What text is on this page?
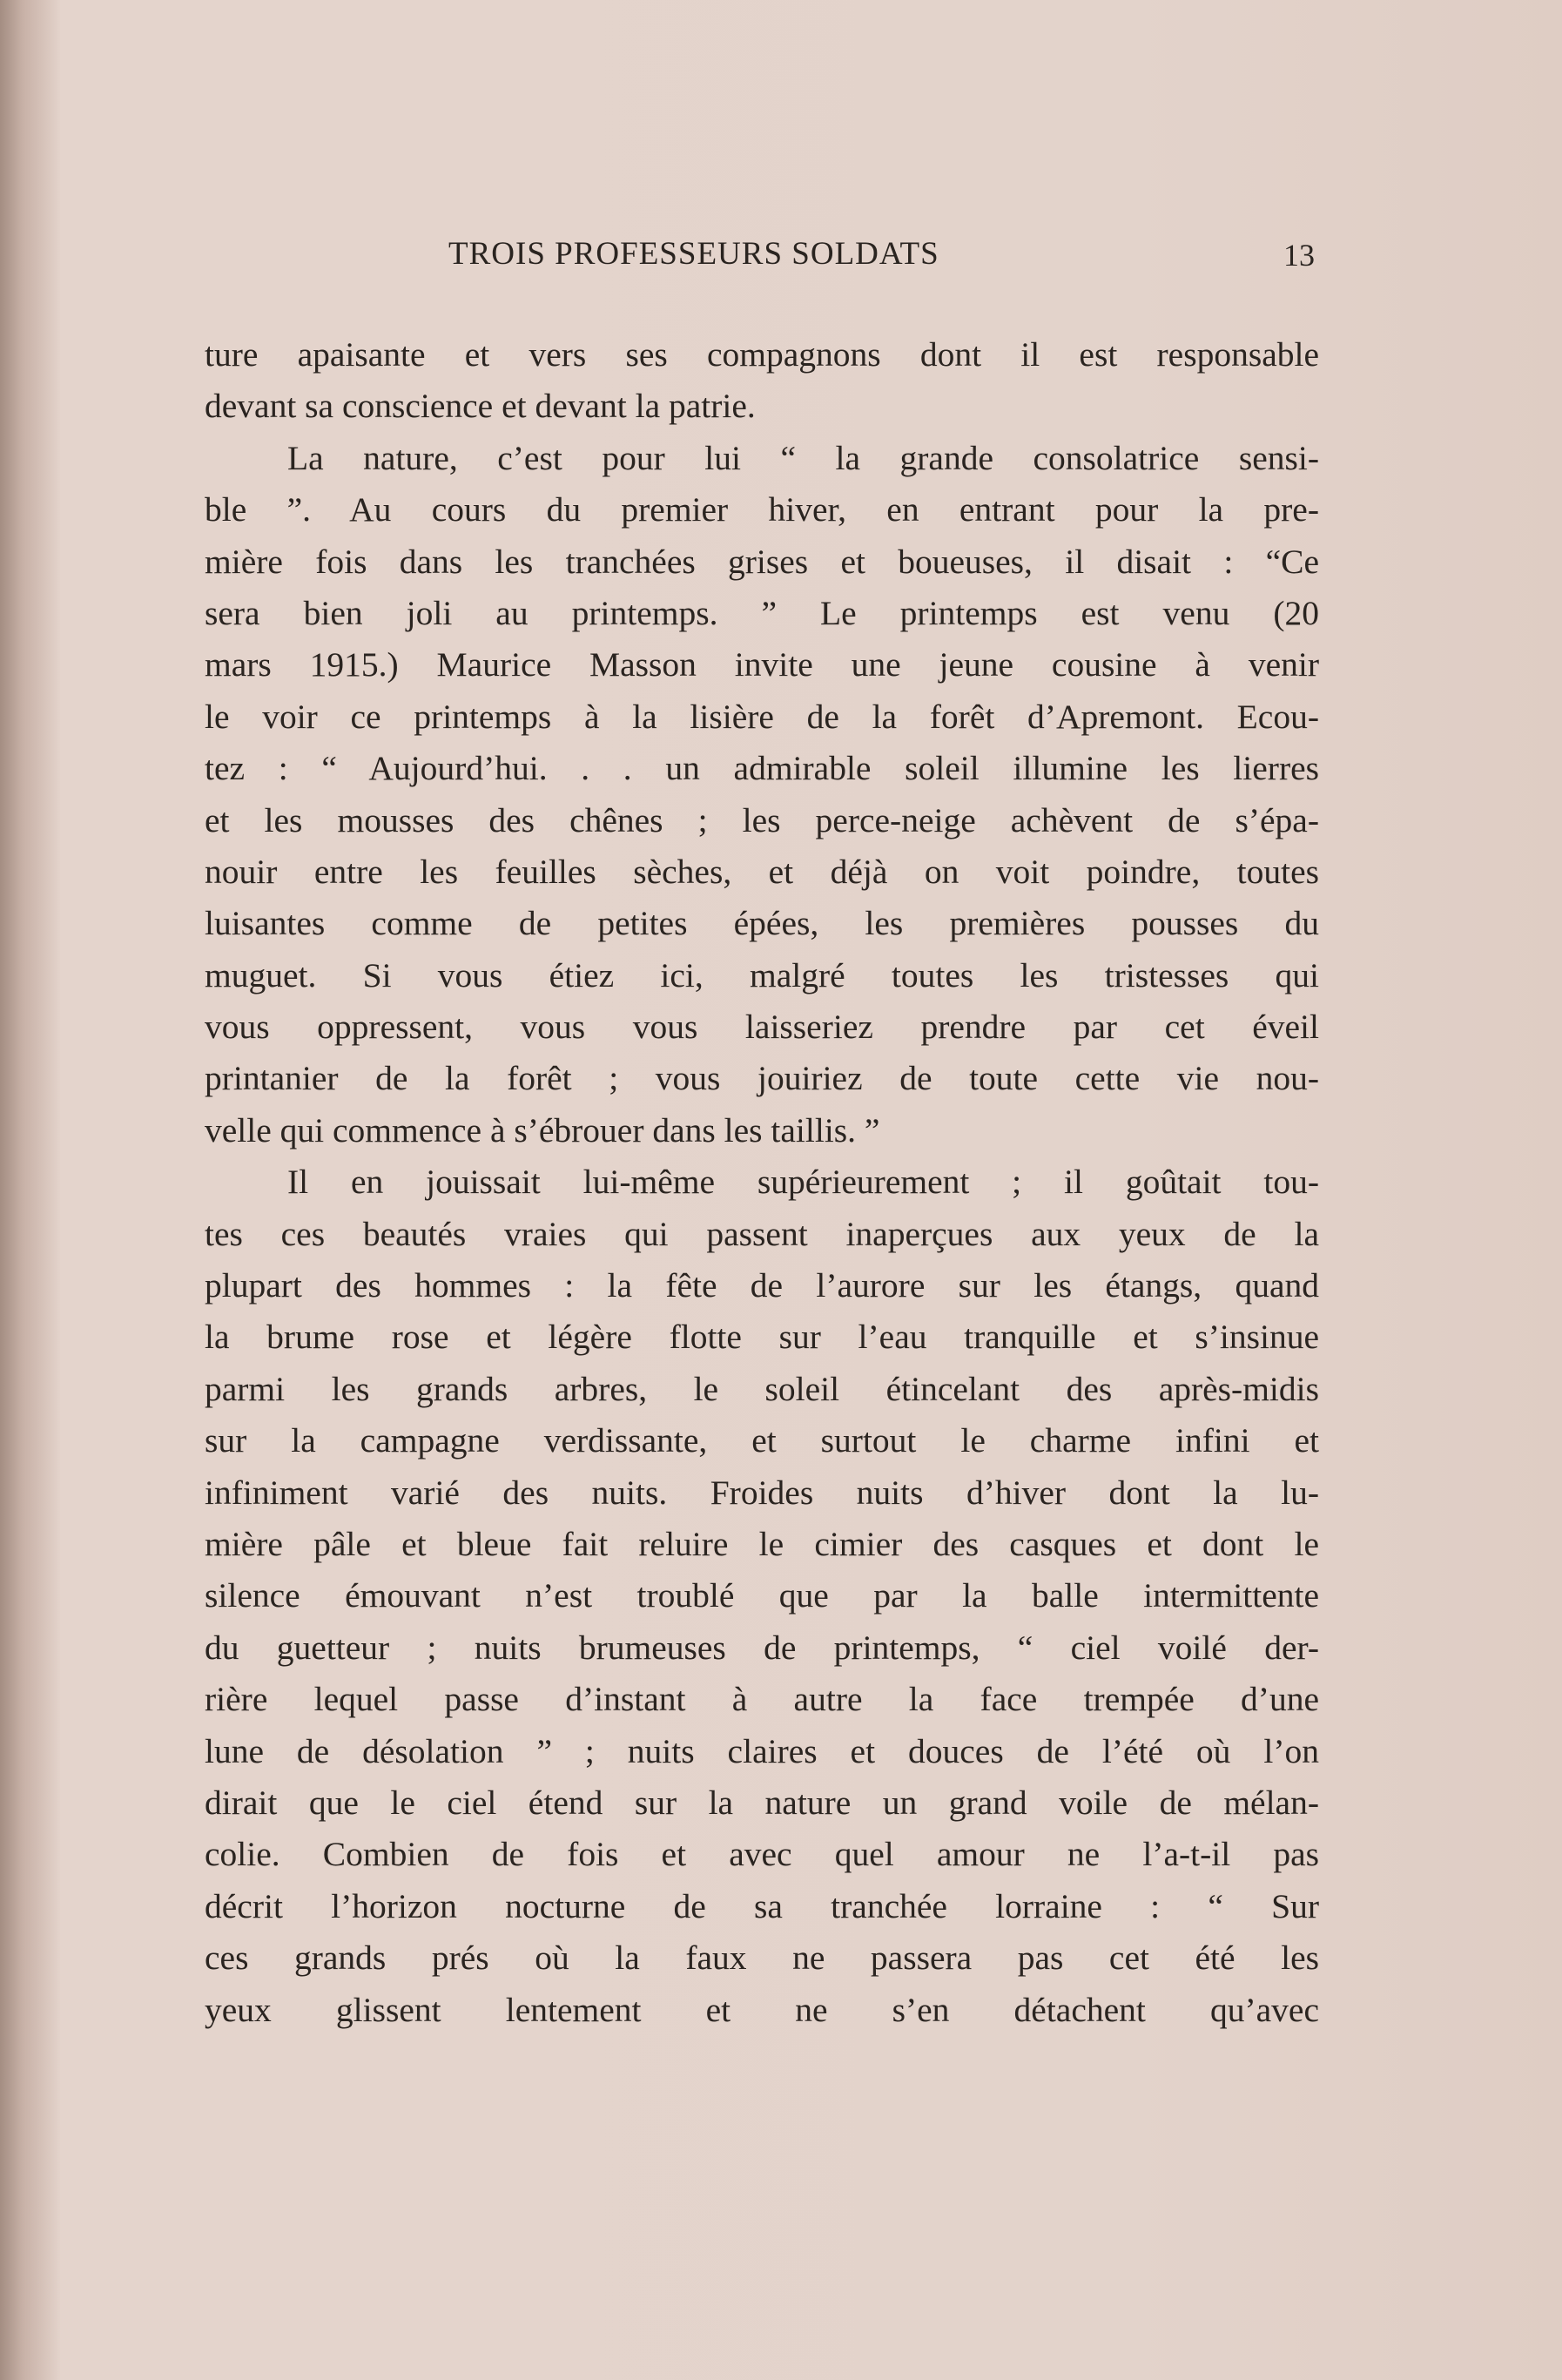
TROIS PROFESSEURS SOLDATS	13
ture apaisante et vers ses compagnons dont il est responsable
devant sa conscience et devant la patrie.
La nature, c’est pour lui “ la grande consolatrice sensi-
ble ”. Au cours du premier hiver, en entrant pour la pre-
mière fois dans les tranchées grises et boueuses, il disait : “Ce
sera bien joli au printemps. ” Le printemps est venu (20
mars 1915.) Maurice Masson invite une jeune cousine à venir
le voir ce printemps à la lisière de la forêt d’Apremont. Ecou-
tez : “ Aujourd’hui. . . un admirable soleil illumine les lierres
et les mousses des chênes ; les perce-neige achèvent de s’épa-
nouir entre les feuilles sèches, et déjà on voit poindre, toutes
luisantes comme de petites épées, les premières pousses du
muguet. Si vous étiez ici, malgré toutes les tristesses qui
vous oppressent, vous vous laisseriez prendre par cet éveil
printanier de la forêt ; vous jouiriez de toute cette vie nou-
velle qui commence à s’ébrouer dans les taillis. ”
Il en jouissait lui-même supérieurement ; il goûtait tou-
tes ces beautés vraies qui passent inaperçues aux yeux de la
plupart des hommes : la fête de l’aurore sur les étangs, quand
la brume rose et légère flotte sur l’eau tranquille et s’insinue
parmi les grands arbres, le soleil étincelant des après-midis
sur la campagne verdissante, et surtout le charme infini et
infiniment varié des nuits. Froides nuits d’hiver dont la lu-
mière pâle et bleue fait reluire le cimier des casques et dont le
silence émouvant n’est troublé que par la balle intermittente
du guetteur ; nuits brumeuses de printemps, “ ciel voilé der-
rière lequel passe d’instant à autre la face trempée d’une
lune de désolation ” ; nuits claires et douces de l’été où l’on
dirait que le ciel étend sur la nature un grand voile de mélan-
colie. Combien de fois et avec quel amour ne l’a-t-il pas
décrit l’horizon nocturne de sa tranchée lorraine : “ Sur
ces grands prés où la faux ne passera pas cet été les
yeux glissent lentement et ne s’en détachent qu’avec
